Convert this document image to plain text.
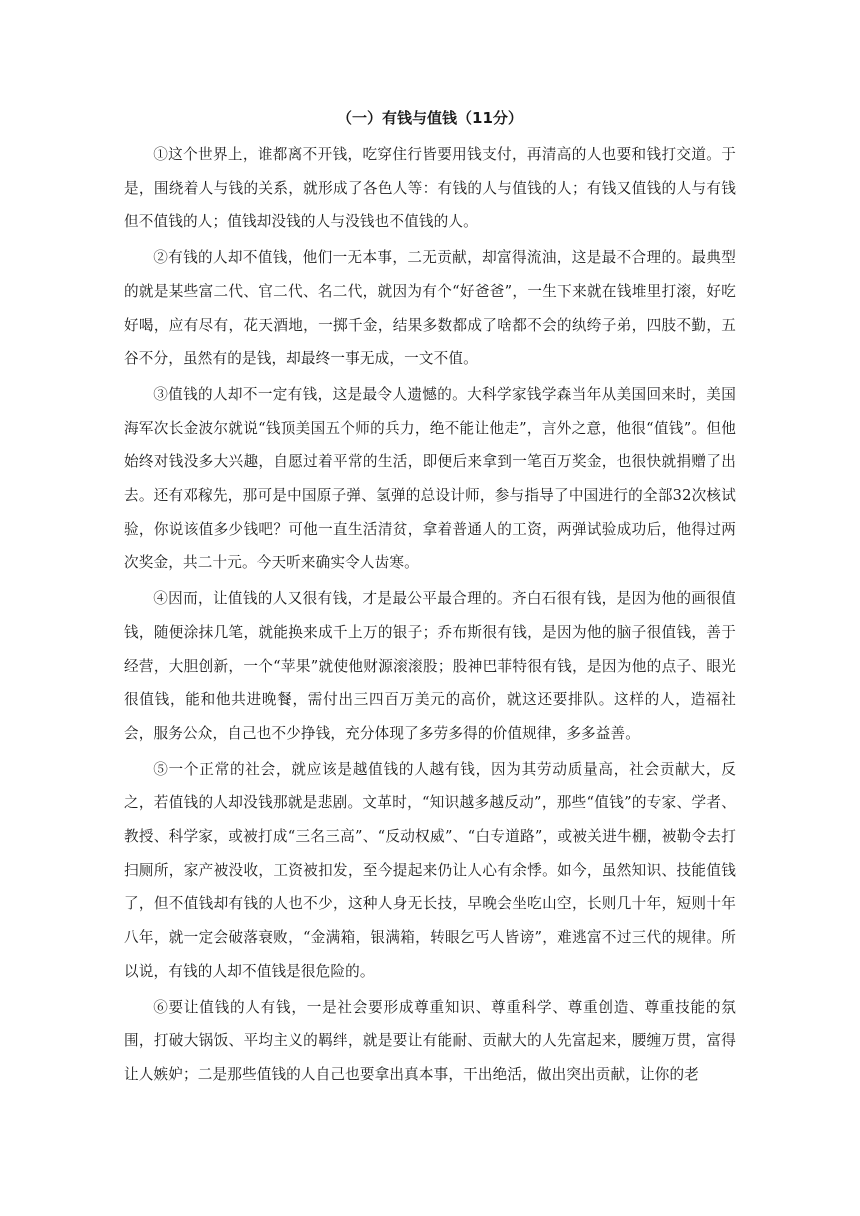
（一）有钱与值钱（11分）

①这个世界上，谁都离不开钱，吃穿住行皆要用钱支付，再清高的人也要和钱打交道。于是，围绕着人与钱的关系，就形成了各色人等：有钱的人与值钱的人；有钱又值钱的人与有钱但不值钱的人；值钱却没钱的人与没钱也不值钱的人。

②有钱的人却不值钱，他们一无本事，二无贡献，却富得流油，这是最不合理的。最典型的就是某些富二代、官二代、名二代，就因为有个“好爸爸”，一生下来就在钱堆里打滚，好吃好喝，应有尽有，花天酒地，一掷千金，结果多数都成了啥都不会的纨绔子弟，四肢不勤，五谷不分，虽然有的是钱，却最终一事无成，一文不值。

③值钱的人却不一定有钱，这是最令人遗憾的。大科学家钱学森当年从美国回来时，美国海军次长金波尔就说“钱顶美国五个师的兵力，绝不能让他走”，言外之意，他很“值钱”。但他始终对钱没多大兴趣，自愿过着平常的生活，即便后来拿到一笔百万奖金，也很快就捐赠了出去。还有邓稼先，那可是中国原子弹、氢弹的总设计师，参与指导了中国进行的全部32次核试验，你说该值多少钱吧？可他一直生活清贫，拿着普通人的工资，两弹试验成功后，他得过两次奖金，共二十元。今天听来确实令人齿寒。

④因而，让值钱的人又很有钱，才是最公平最合理的。齐白石很有钱，是因为他的画很值钱，随便涂抹几笔，就能换来成千上万的银子；乔布斯很有钱，是因为他的脑子很值钱，善于经营，大胆创新，一个“苹果”就使他财源滚滚股；股神巴菲特很有钱，是因为他的点子、眼光很值钱，能和他共进晚餐，需付出三四百万美元的高价，就这还要排队。这样的人，造福社会，服务公众，自己也不少挣钱，充分体现了多劳多得的价值规律，多多益善。

⑤一个正常的社会，就应该是越值钱的人越有钱，因为其劳动质量高，社会贡献大，反之，若值钱的人却没钱那就是悲剧。文革时，“知识越多越反动”，那些“值钱”的专家、学者、教授、科学家，或被打成“三名三高”、“反动权威”、“白专道路”，或被关进牛棚，被勒令去打扫厕所，家产被没收，工资被扣发，至今提起来仍让人心有余悸。如今，虽然知识、技能值钱了，但不值钱却有钱的人也不少，这种人身无长技，早晚会坐吃山空，长则几十年，短则十年八年，就一定会破落衰败，“金满箱，银满箱，转眼乞丐人皆谤”，难逃富不过三代的规律。所以说，有钱的人却不值钱是很危险的。

⑥要让值钱的人有钱，一是社会要形成尊重知识、尊重科学、尊重创造、尊重技能的氛围，打破大锅饭、平均主义的羁绊，就是要让有能耐、贡献大的人先富起来，腰缠万贯，富得让人嫉妒；二是那些值钱的人自己也要拿出真本事，干出绝活，做出突出贡献，让你的老
